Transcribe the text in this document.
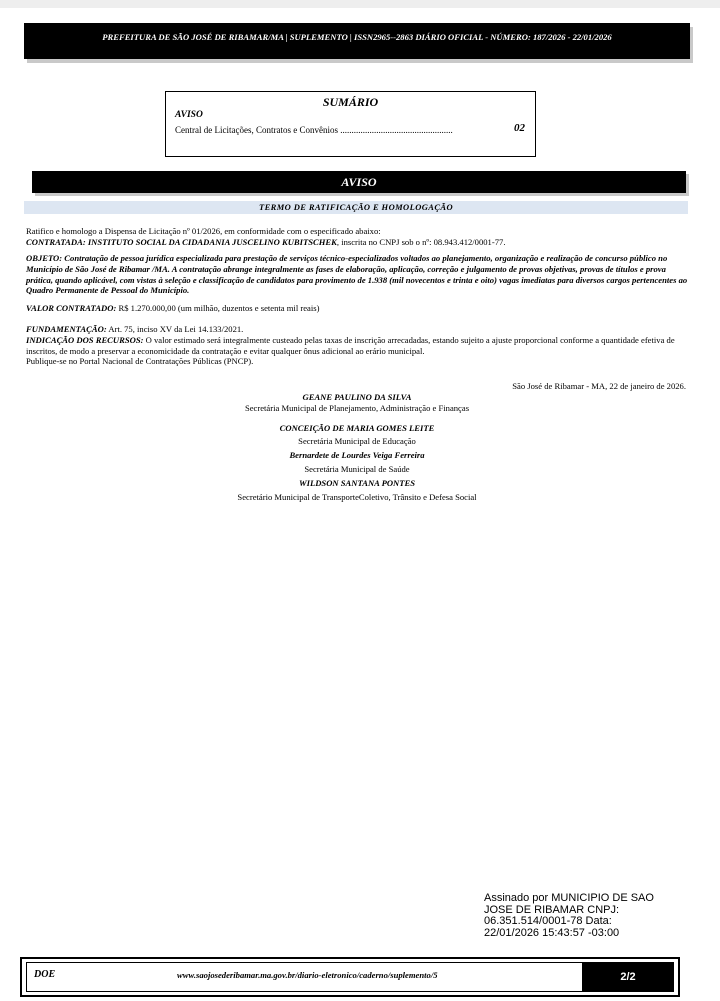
PREFEITURA DE SÃO JOSÉ DE RIBAMAR/MA | SUPLEMENTO | ISSN2965--2863 DIÁRIO OFICIAL - NÚMERO: 187/2026 - 22/01/2026
SUMÁRIO
AVISO
Central de Licitações, Contratos e Convênios ..................................................	02
AVISO
TERMO DE RATIFICAÇÃO E HOMOLOGAÇÃO
Ratifico e homologo a Dispensa de Licitação nº 01/2026, em conformidade com o especificado abaixo:
CONTRATADA: INSTITUTO SOCIAL DA CIDADANIA JUSCELINO KUBITSCHEK, inscrita no CNPJ sob o nº: 08.943.412/0001-77.
OBJETO: Contratação de pessoa jurídica especializada para prestação de serviços técnico-especializados voltados ao planejamento, organização e realização de concurso público no Município de São José de Ribamar /MA. A contratação abrange integralmente as fases de elaboração, aplicação, correção e julgamento de provas objetivas, provas de títulos e prova prática, quando aplicável, com vistas à seleção e classificação de candidatos para provimento de 1.938 (mil novecentos e trinta e oito) vagas imediatas para diversos cargos pertencentes ao Quadro Permanente de Pessoal do Município.
VALOR CONTRATADO: R$ 1.270.000,00 (um milhão, duzentos e setenta mil reais)
FUNDAMENTAÇÃO: Art. 75, inciso XV da Lei 14.133/2021.
INDICAÇÃO DOS RECURSOS: O valor estimado será integralmente custeado pelas taxas de inscrição arrecadadas, estando sujeito a ajuste proporcional conforme a quantidade efetiva de inscritos, de modo a preservar a economicidade da contratação e evitar qualquer ônus adicional ao erário municipal.
Publique-se no Portal Nacional de Contratações Públicas (PNCP).
São José de Ribamar - MA, 22 de janeiro de 2026.
GEANE PAULINO DA SILVA
Secretária Municipal de Planejamento, Administração e Finanças
CONCEIÇÃO DE MARIA GOMES LEITE
Secretária Municipal de Educação
Bernardete de Lourdes Veiga Ferreira
Secretária Municipal de Saúde
WILDSON SANTANA PONTES
Secretário Municipal de TransporteColetivo, Trânsito e Defesa Social
Assinado por MUNICIPIO DE SAO
JOSE DE RIBAMAR CNPJ:
06.351.514/0001-78 Data:
22/01/2026 15:43:57 -03:00
DOE	www.saojosederibamar.ma.gov.br/diario-eletronico/caderno/suplemento/5	2/2
